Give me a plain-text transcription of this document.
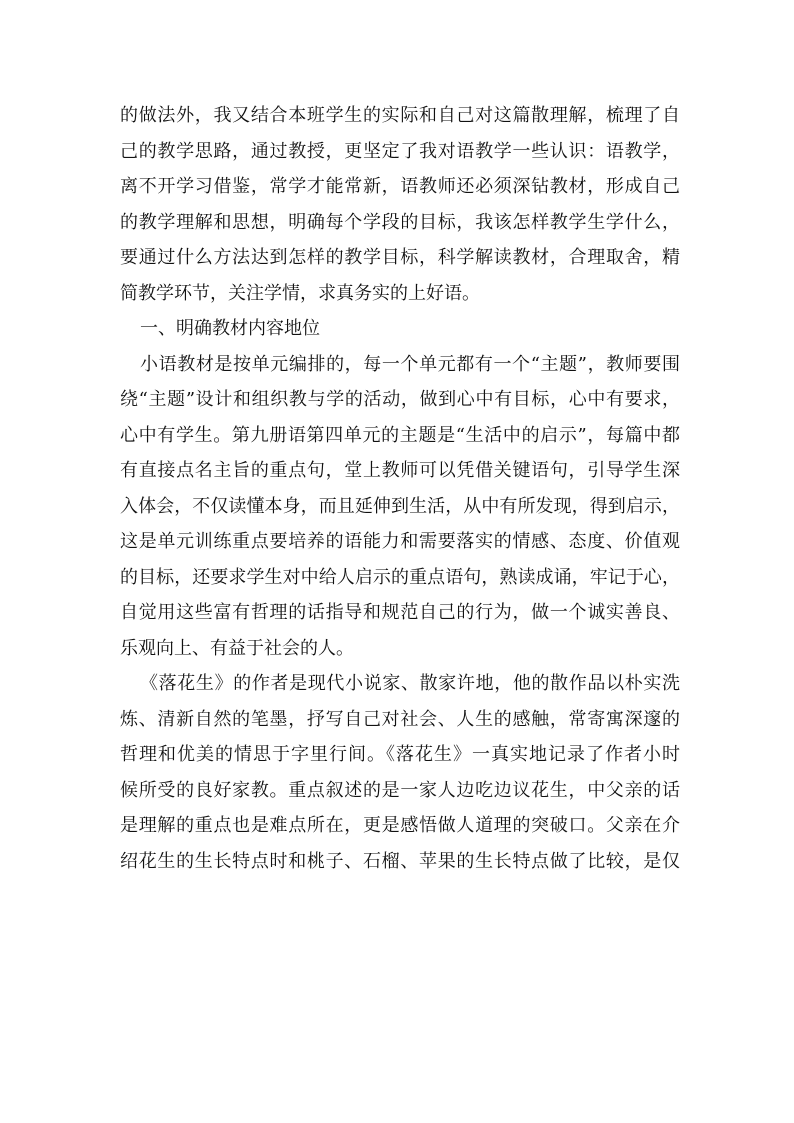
的做法外，我又结合本班学生的实际和自己对这篇散理解，梳理了自
己的教学思路，通过教授，更坚定了我对语教学一些认识：语教学，
离不开学习借鉴，常学才能常新，语教师还必须深钻教材，形成自己
的教学理解和思想，明确每个学段的目标，我该怎样教学生学什么，
要通过什么方法达到怎样的教学目标，科学解读教材，合理取舍，精
简教学环节，关注学情，求真务实的上好语。
一、明确教材内容地位
小语教材是按单元编排的，每一个单元都有一个“主题”，教师要围
绕“主题”设计和组织教与学的活动，做到心中有目标，心中有要求，
心中有学生。第九册语第四单元的主题是“生活中的启示”，每篇中都
有直接点名主旨的重点句，堂上教师可以凭借关键语句，引导学生深
入体会，不仅读懂本身，而且延伸到生活，从中有所发现，得到启示，
这是单元训练重点要培养的语能力和需要落实的情感、态度、价值观
的目标，还要求学生对中给人启示的重点语句，熟读成诵，牢记于心，
自觉用这些富有哲理的话指导和规范自己的行为，做一个诚实善良、
乐观向上、有益于社会的人。
《落花生》的作者是现代小说家、散家许地，他的散作品以朴实洗
炼、清新自然的笔墨，抒写自己对社会、人生的感触，常寄寓深邃的
哲理和优美的情思于字里行间。《落花生》一真实地记录了作者小时
候所受的良好家教。重点叙述的是一家人边吃边议花生，中父亲的话
是理解的重点也是难点所在，更是感悟做人道理的突破口。父亲在介
绍花生的生长特点时和桃子、石榴、苹果的生长特点做了比较，是仅
